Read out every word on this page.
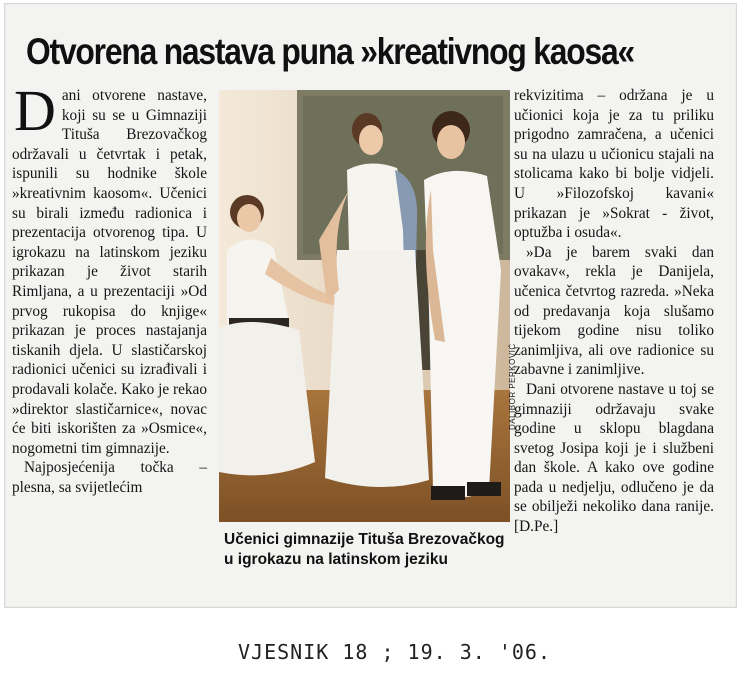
Otvorena nastava puna »kreativnog kaosa«
D ani otvorene nastave, koji su se u Gimnaziji Tituša Brezovačkog održavali u četvrtak i petak, ispunili su hodnike škole »kreativnim kaosom«. Učenici su birali između radionica i prezentacija otvorenog tipa. U igrokazu na latinskom jeziku prikazan je život starih Rimljana, a u prezentaciji »Od prvog rukopisa do knjige« prikazan je proces nastajanja tiskanih djela. U slastičarskoj radionici učenici su izrađivali i prodavali kolače. Kako je rekao »direktor slastičarnice«, novac će biti iskorišten za »Osmice«, nogometni tim gimnazije.

Najposjećenija točka – plesna, sa svijetlećim

DALIBOR PERKOVIĆ
Učenici gimnazije Tituša Brezovačkog u igrokazu na latinskom jeziku

rekvizitima – održana je u učionici koja je za tu priliku prigodno zamračena, a učenici su na ulazu u učionicu stajali na stolicama kako bi bolje vidjeli. U »Filozofskoj kavani« prikazan je »Sokrat - život, optužba i osuda«.

»Da je barem svaki dan ovakav«, rekla je Danijela, učenica četvrtog razreda. »Neka od predavanja koja slušamo tijekom godine nisu toliko zanimljiva, ali ove radionice su zabavne i zanimljive.

Dani otvorene nastave u toj se gimnaziji održavaju svake godine u sklopu blagdana svetog Josipa koji je i službeni dan škole. A kako ove godine pada u nedjelju, odlučeno je da se obilježi nekoliko dana ranije. [D.Pe.]

VJESNIK 18 ; 19. 3. '06.
